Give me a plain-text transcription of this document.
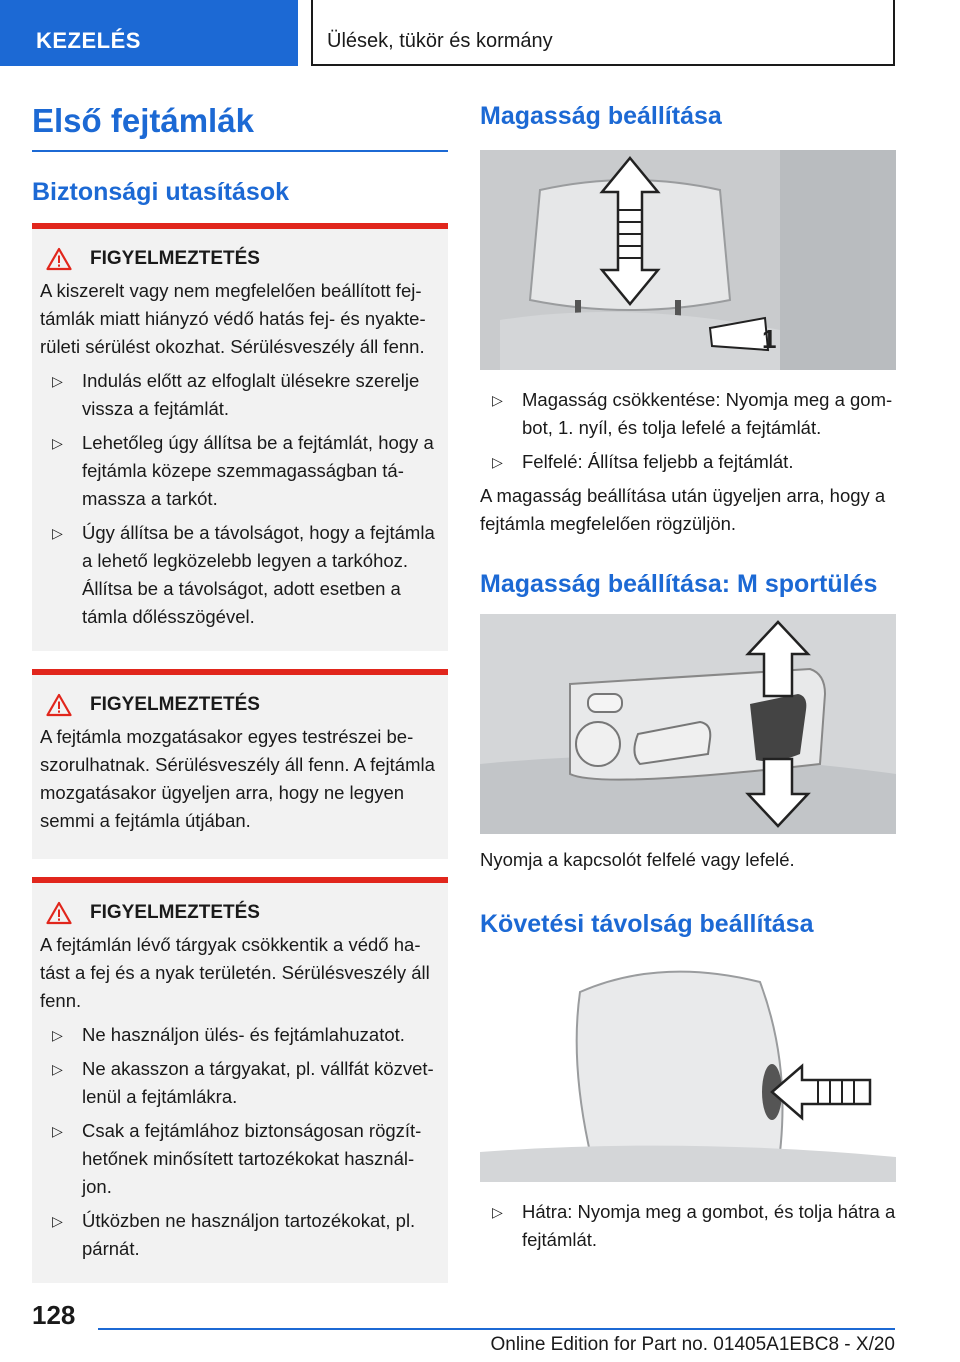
KEZELÉS	Ülések, tükör és kormány
Első fejtámlák
Biztonsági utasítások
FIGYELMEZTETÉS
A kiszerelt vagy nem megfelelően beállított fej-támlák miatt hiányzó védő hatás fej- és nyakte-rületi sérülést okozhat. Sérülésveszély áll fenn.
▷ Indulás előtt az elfoglalt ülésekre szerelje vissza a fejtámlát.
▷ Lehetőleg úgy állítsa be a fejtámlát, hogy a fejtámla közepe szemmagasságban tá-massza a tarkót.
▷ Úgy állítsa be a távolságot, hogy a fejtámla a lehető legközelebb legyen a tarkóhoz. Állítsa be a távolságot, adott esetben a támla dőlésszögével.
FIGYELMEZTETÉS
A fejtámla mozgatásakor egyes testrészei be-szorulhatnak. Sérülésveszély áll fenn. A fejtámla mozgatásakor ügyeljen arra, hogy ne legyen semmi a fejtámla útjában.
FIGYELMEZTETÉS
A fejtámlán lévő tárgyak csökkentik a védő ha-tást a fej és a nyak területén. Sérülésveszély áll fenn.
▷ Ne használjon ülés- és fejtámlahuzatot.
▷ Ne akasszon a tárgyakat, pl. vállfát közvet-lenül a fejtámlákra.
▷ Csak a fejtámlához biztonságosan rögzít-hetőnek minősített tartozékokat használ-jon.
▷ Útközben ne használjon tartozékokat, pl. párnát.
Magasság beállítása
1
▷ Magasság csökkentése: Nyomja meg a gom-bot, 1. nyíl, és tolja lefelé a fejtámlát.
▷ Felfelé: Állítsa feljebb a fejtámlát.

A magasság beállítása után ügyeljen arra, hogy a fejtámla megfelelően rögzüljön.

Magasság beállítása: M sportülés

Nyomja a kapcsolót felfelé vagy lefelé.

Követési távolság beállítása
▷ Hátra: Nyomja meg a gombot, és tolja hátra a fejtámlát.
128
Online Edition for Part no. 01405A1EBC8 - X/20
